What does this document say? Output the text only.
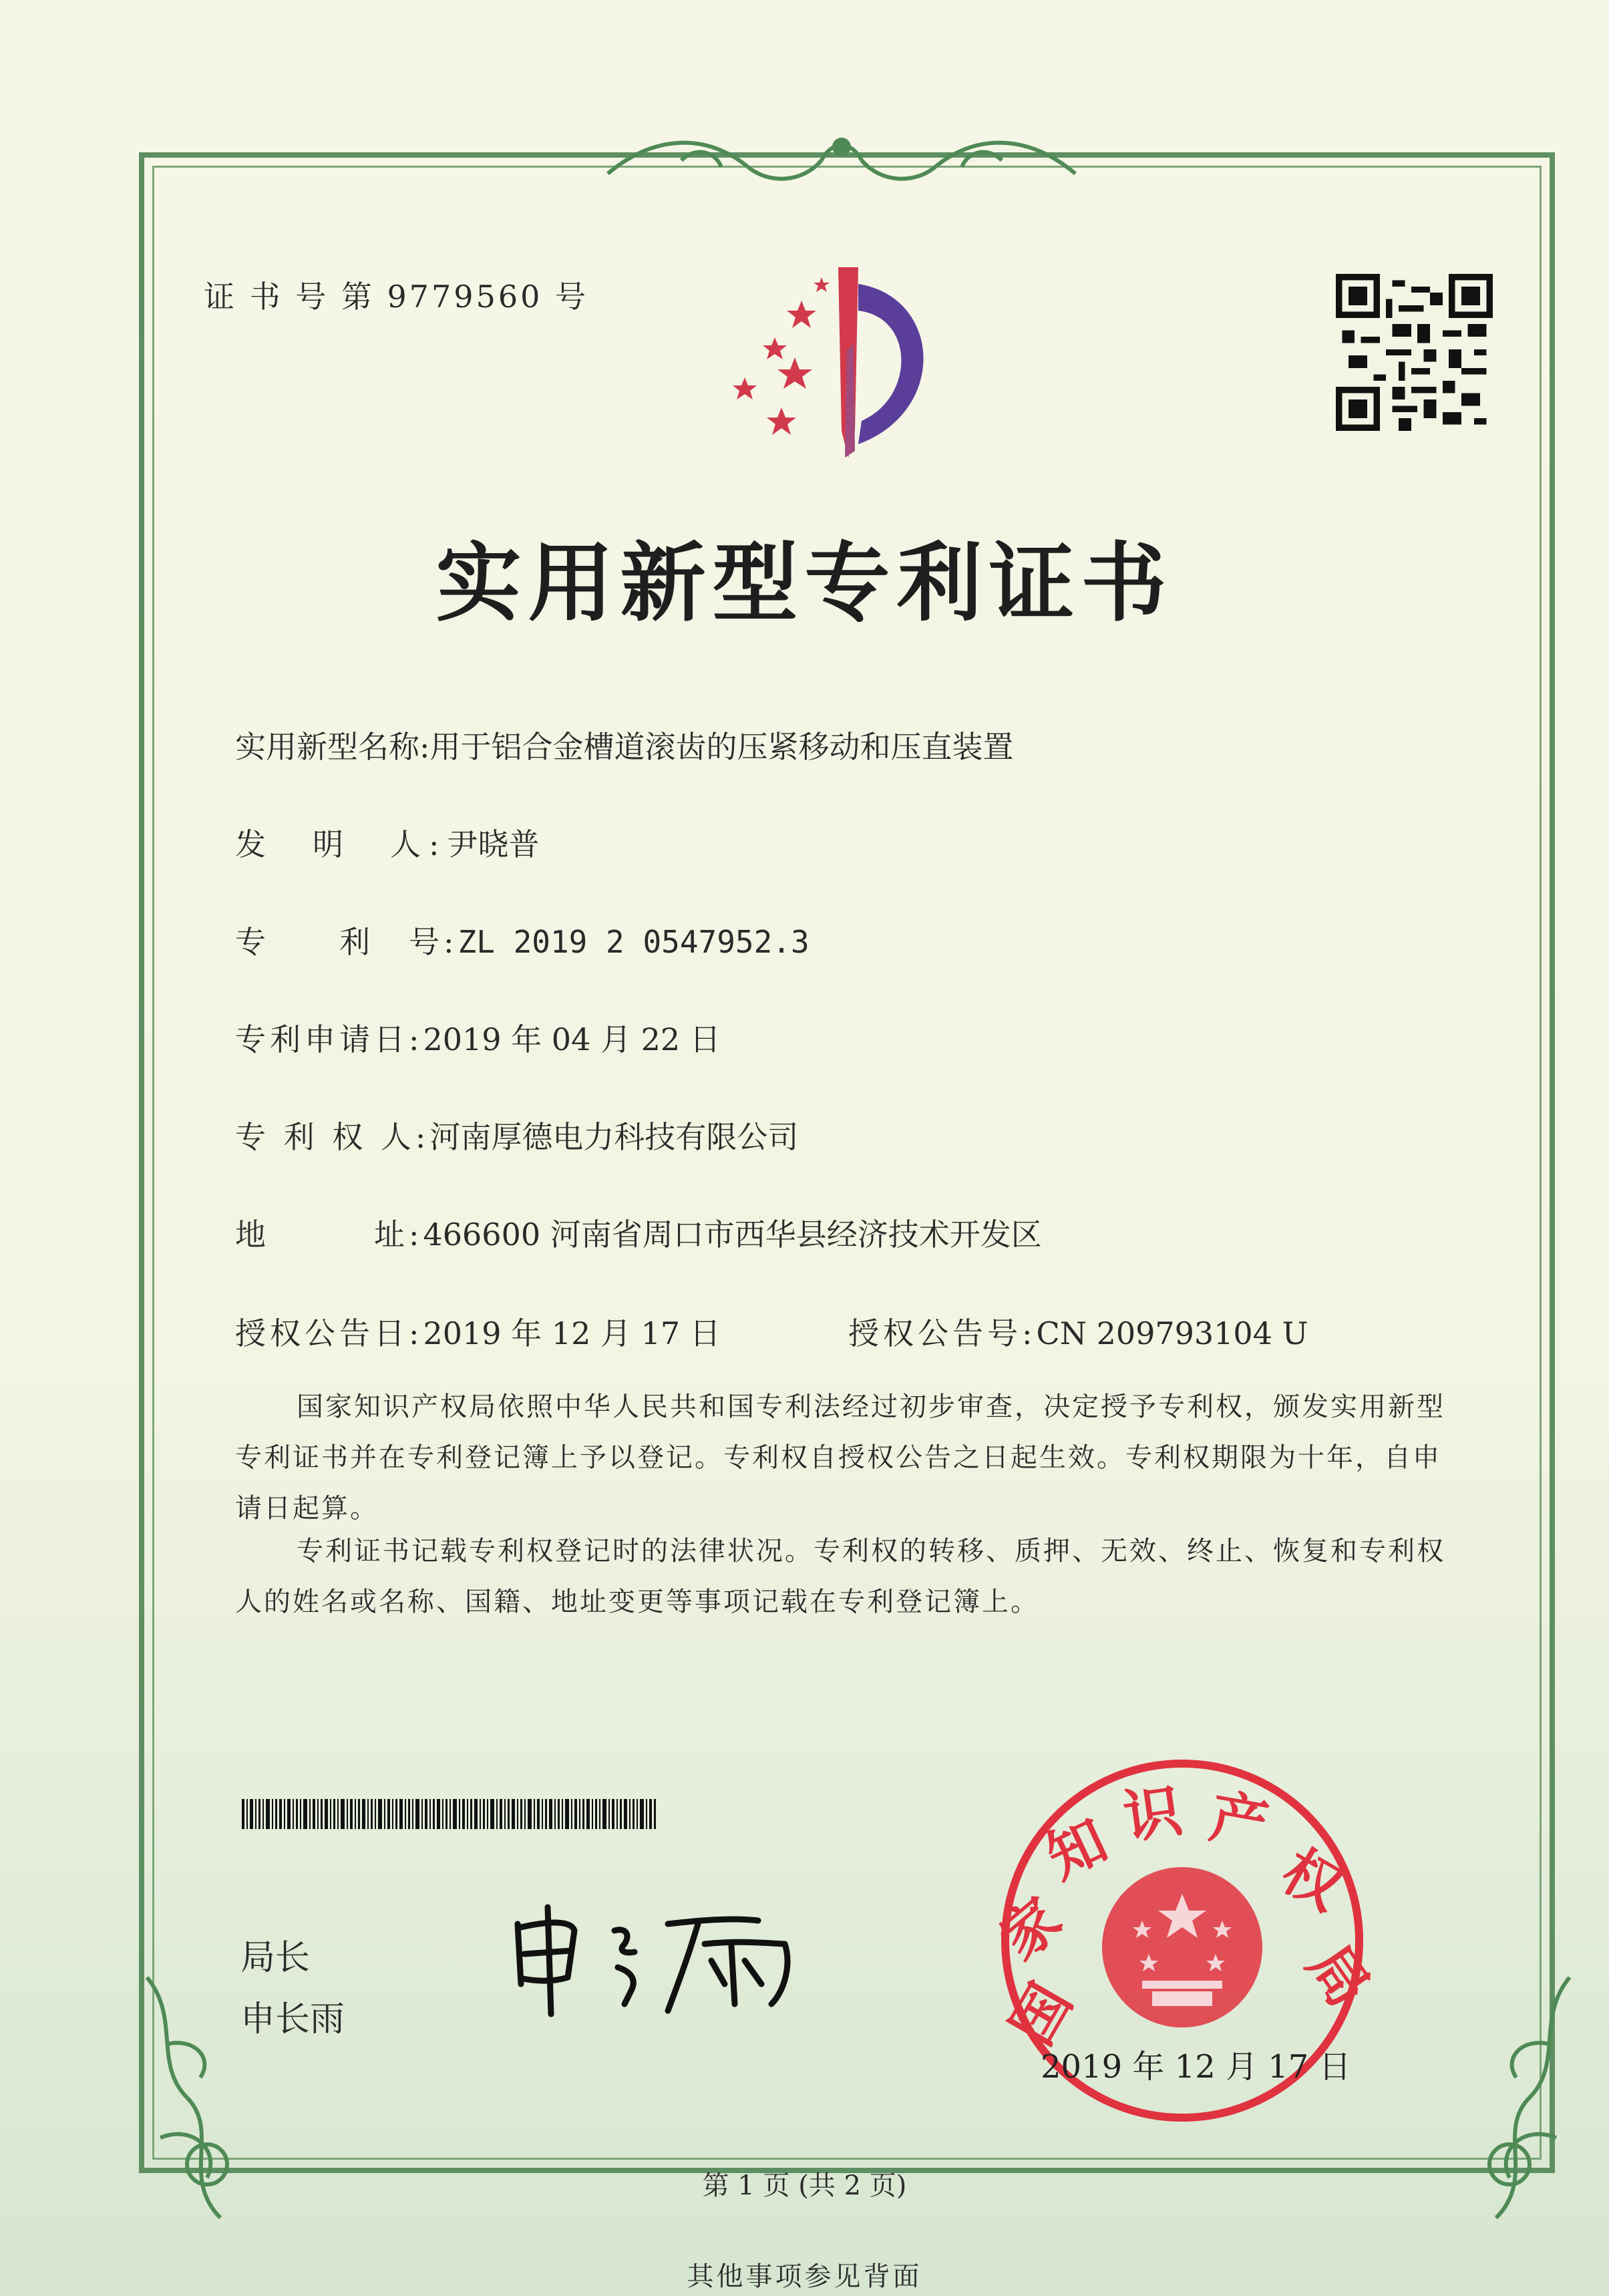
证 书 号 第 9779560 号
实用新型专利证书
实用新型名称:用于铝合金槽道滚齿的压紧移动和压直装置
发　明　人:尹晓普
专　　利　号:ZL 2019 2 0547952.3
专利申请日:2019 年 04 月 22 日
专 利 权 人:河南厚德电力科技有限公司
地　　　址:466600 河南省周口市西华县经济技术开发区
授权公告日:2019 年 12 月 17 日	授权公告号:CN 209793104 U
国家知识产权局依照中华人民共和国专利法经过初步审查，决定授予专利权，颁发实用新型专利证书并在专利登记簿上予以登记。专利权自授权公告之日起生效。专利权期限为十年，自申请日起算。
专利证书记载专利权登记时的法律状况。专利权的转移、质押、无效、终止、恢复和专利权人的姓名或名称、国籍、地址变更等事项记载在专利登记簿上。
局长
申长雨	国
家
知 识 产
权
局
2019 年 12 月 17 日
第 1 页 (共 2 页)
其他事项参见背面
